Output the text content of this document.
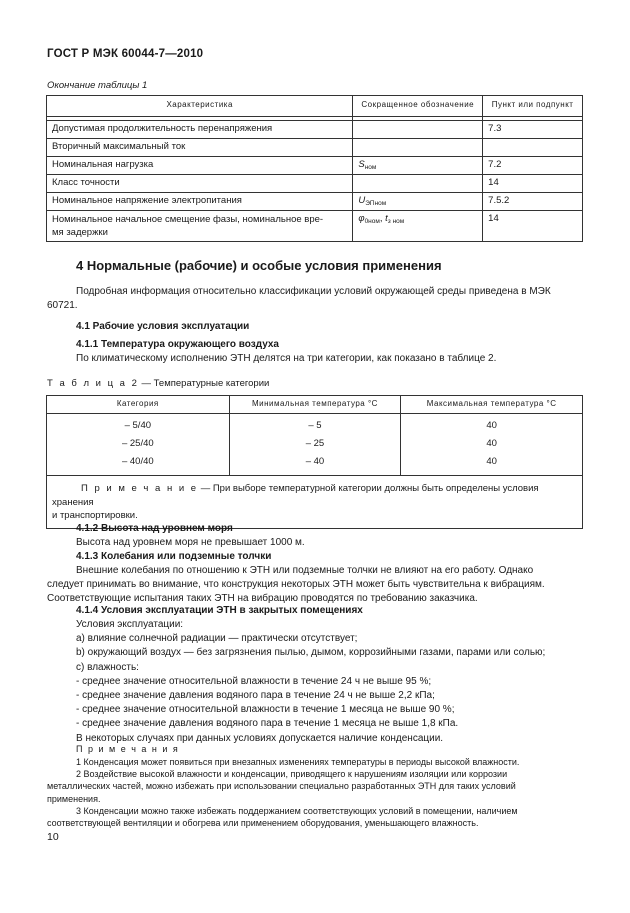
ГОСТ Р МЭК 60044-7—2010
Окончание таблицы 1
Характеристика	Сокращенное обозначение	Пункт или подпункт

Допустимая продолжительность перенапряжения		7.3
Вторичный максимальный ток		
Номинальная нагрузка	$S_{ном}$	7.2
Класс точности		14
Номинальное напряжение электропитания	$U_{ЭПном}$	7.5.2
Номинальное начальное смещение фазы, номинальное вре-
мя задержки	$\varphi_{0ном}$, $t_{з ном}$	14
4 Нормальные (рабочие) и особые условия применения
Подробная информация относительно классификации условий окружающей среды приведена в МЭК
60721.
4.1 Рабочие условия эксплуатации
4.1.1 Температура окружающего воздуха
По климатическому исполнению ЭТН делятся на три категории, как показано в таблице 2.
Т а б л и ц а 2 — Температурные категории
Категория	Минимальная температура °С	Максимальная температура °С
– 5/40	– 5	40
– 25/40	– 25	40
– 40/40	– 40	40
П р и м е ч а н и е — При выборе температурной категории должны быть определены условия хранения
и транспортировки.		
4.1.2 Высота над уровнем моря
Высота над уровнем моря не превышает 1000 м.
4.1.3 Колебания или подземные толчки
Внешние колебания по отношению к ЭТН или подземные толчки не влияют на его работу. Однако
следует принимать во внимание, что конструкция некоторых ЭТН может быть чувствительна к вибрациям.
Соответствующие испытания таких ЭТН на вибрацию проводятся по требованию заказчика.
4.1.4 Условия эксплуатации ЭТН в закрытых помещениях
Условия эксплуатации:
a) влияние солнечной радиации — практически отсутствует;
b) окружающий воздух — без загрязнения пылью, дымом, коррозийными газами, парами или солью;
c) влажность:
- среднее значение относительной влажности в течение 24 ч не выше 95 %;
- среднее значение давления водяного пара в течение 24 ч не выше 2,2 кПа;
- среднее значение относительной влажности в течение 1 месяца не выше 90 %;
- среднее значение давления водяного пара в течение 1 месяца не выше 1,8 кПа.
В некоторых случаях при данных условиях допускается наличие конденсации.
П р и м е ч а н и я
1 Конденсация может появиться при внезапных изменениях температуры в периоды высокой влажности.
2 Воздействие высокой влажности и конденсации, приводящего к нарушениям изоляции или коррозии
металлических частей, можно избежать при использовании специально разработанных ЭТН для таких условий
применения.
3 Конденсации можно также избежать поддержанием соответствующих условий в помещении, наличием
соответствующей вентиляции и обогрева или применением оборудования, уменьшающего влажность.
10
